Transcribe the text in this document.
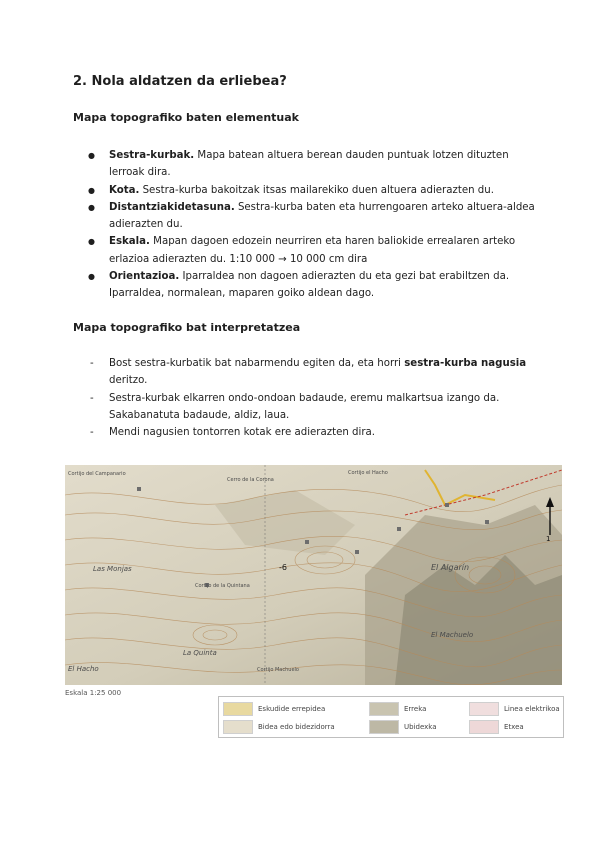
2. Nola aldatzen da erliebea?
Mapa topografiko baten elementuak
● Sestra-kurbak. Mapa batean altuera berean dauden puntuak lotzen dituzten lerroak dira.
● Kota. Sestra-kurba bakoitzak itsas mailarekiko duen altuera adierazten du.
● Distantziakidetasuna. Sestra-kurba baten eta hurrengoaren arteko altuera-aldea adierazten du.
● Eskala. Mapan dagoen edozein neurriren eta haren baliokide errealaren arteko erlazioa adierazten du. 1:10 000 → 10 000 cm dira
● Orientazioa. Iparraldea non dagoen adierazten du eta gezi bat erabiltzen da. Iparraldea, normalean, maparen goiko aldean dago.
Mapa topografiko bat interpretatzea
- Bost sestra-kurbatik bat nabarmendu egiten da, eta horri sestra-kurba nagusia deritzo.
- Sestra-kurbak elkarren ondo-ondoan badaude, eremu malkartsua izango da. Sakabanatuta badaude, aldiz, laua.
- Mendi nagusien tontorren kotak ere adierazten dira.
Cortijo del Campanario
Cerro de la Corona
Cortijo el Hacho
Cortijo de la Quintana
Las Monjas
La Quinta
El Algarín
El Machuelo
El Hacho	Cortijo Machuelo
-6
1
Eskala 1:25 000
Eskudide errepidea	Erreka	Linea elektrikoa
Bidea edo bidezidorra	Ubidexka	Etxea
